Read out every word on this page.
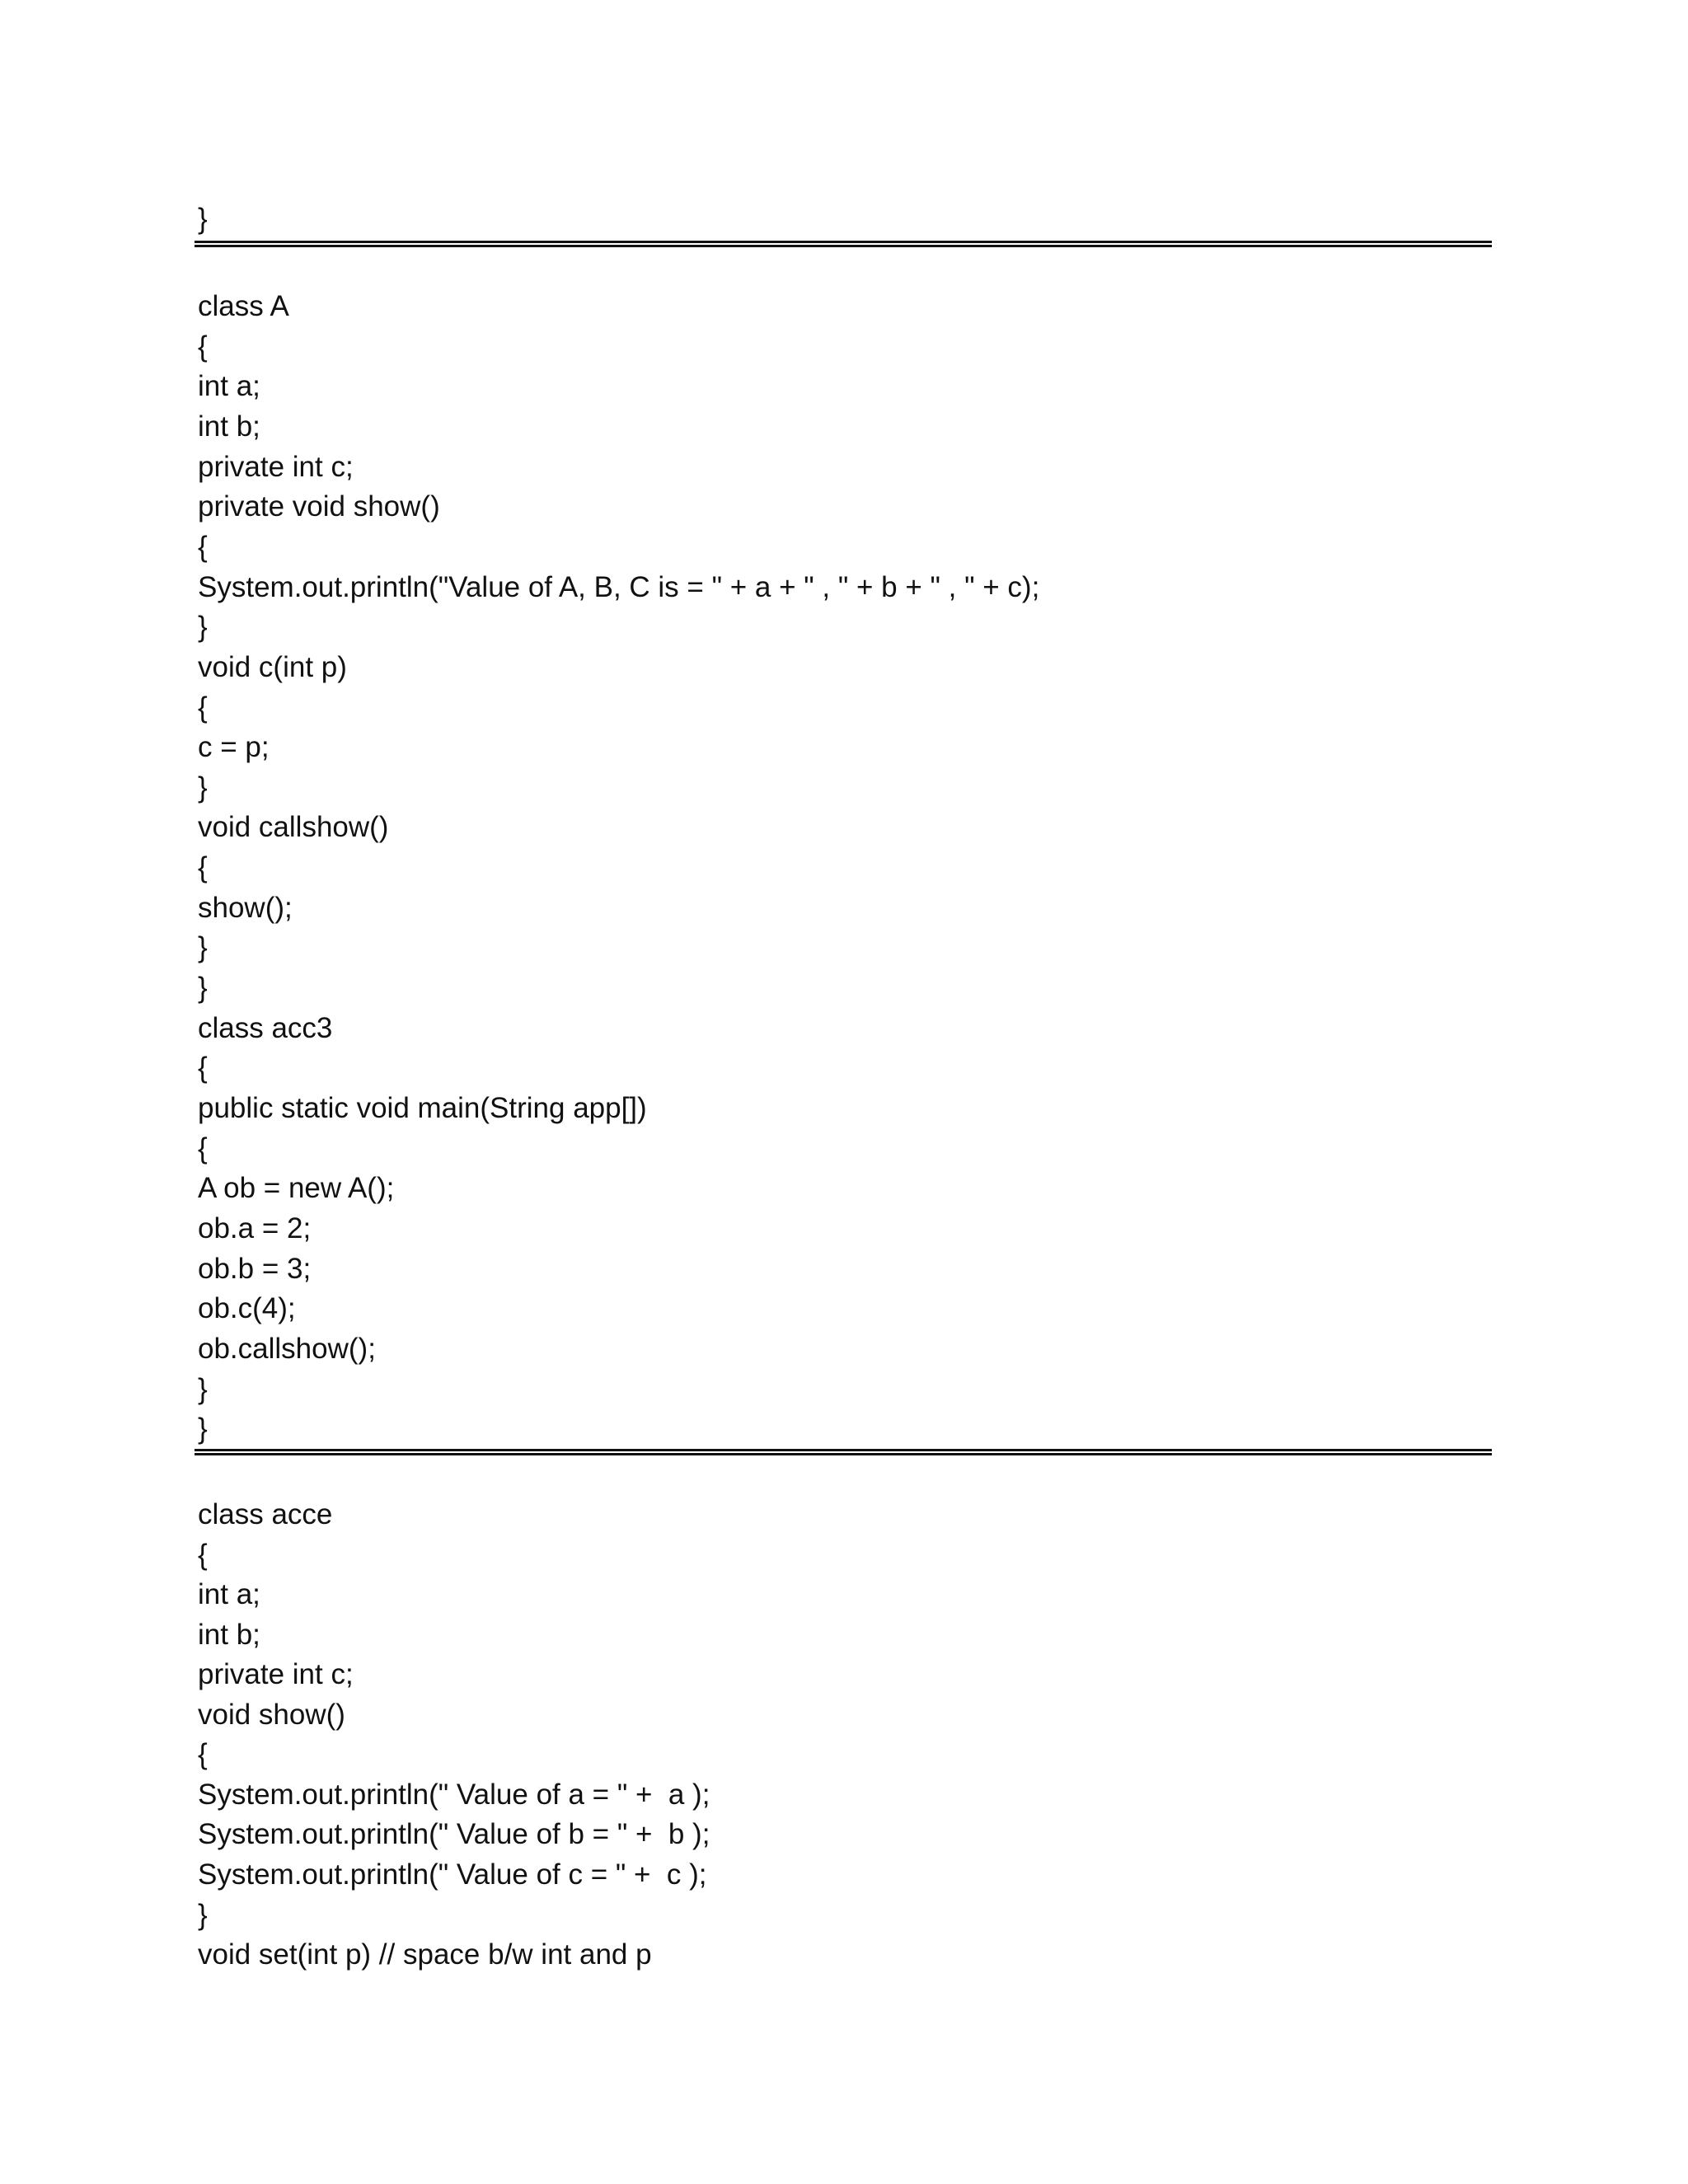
}
class A
{
int a;
int b;
private int c;
private void show()
{
System.out.println("Value of A, B, C is = " + a + " , " + b + " , " + c);
}
void c(int p)
{
c = p;
}
void callshow()
{
show();
}
}
class acc3
{
public static void main(String app[])
{
A ob = new A();
ob.a = 2;
ob.b = 3;
ob.c(4);
ob.callshow();
}
}
class acce
{
int a;
int b;
private int c;
void show()
{
System.out.println(" Value of a = " +  a );
System.out.println(" Value of b = " +  b );
System.out.println(" Value of c = " +  c );
}
void set(int p) // space b/w int and p
